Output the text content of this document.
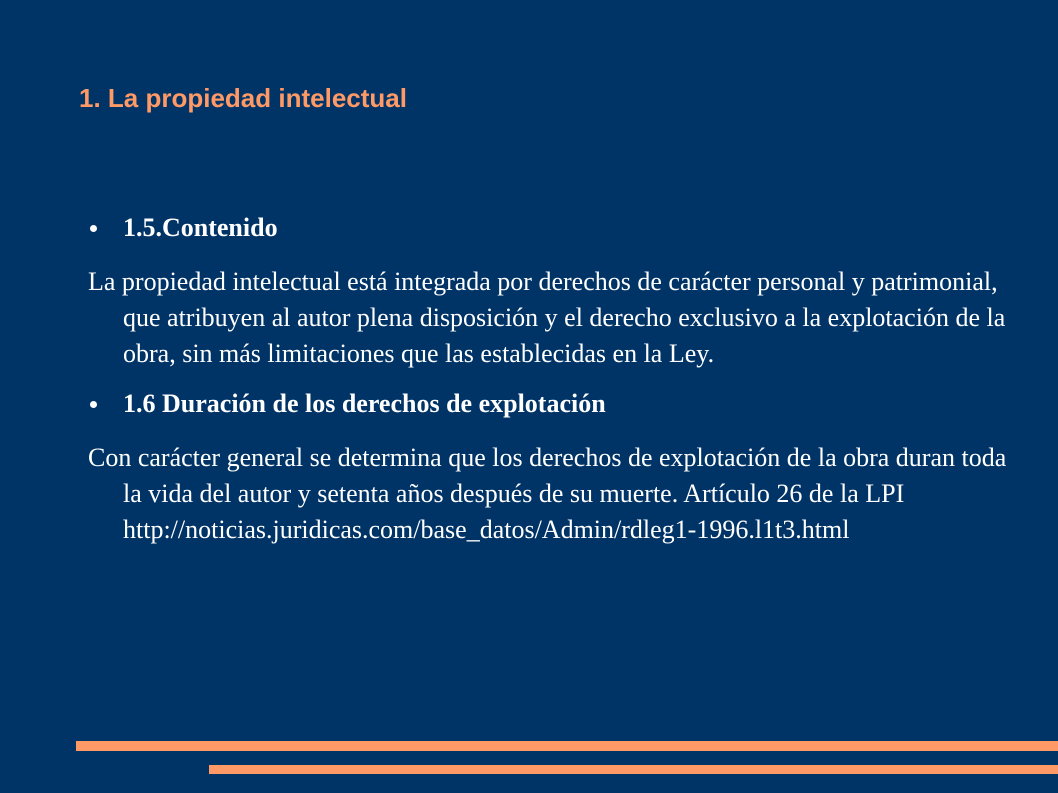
1. La propiedad intelectual

1.5.Contenido

La propiedad intelectual está integrada por derechos de carácter personal y patrimonial, que atribuyen al autor plena disposición y el derecho exclusivo a la explotación de la obra, sin más limitaciones que las establecidas en la Ley.

1.6 Duración de los derechos de explotación

Con carácter general se determina que los derechos de explotación de la obra duran toda la vida del autor y setenta años después de su muerte. Artículo 26 de la LPI http://noticias.juridicas.com/base_datos/Admin/rdleg1-1996.l1t3.html
